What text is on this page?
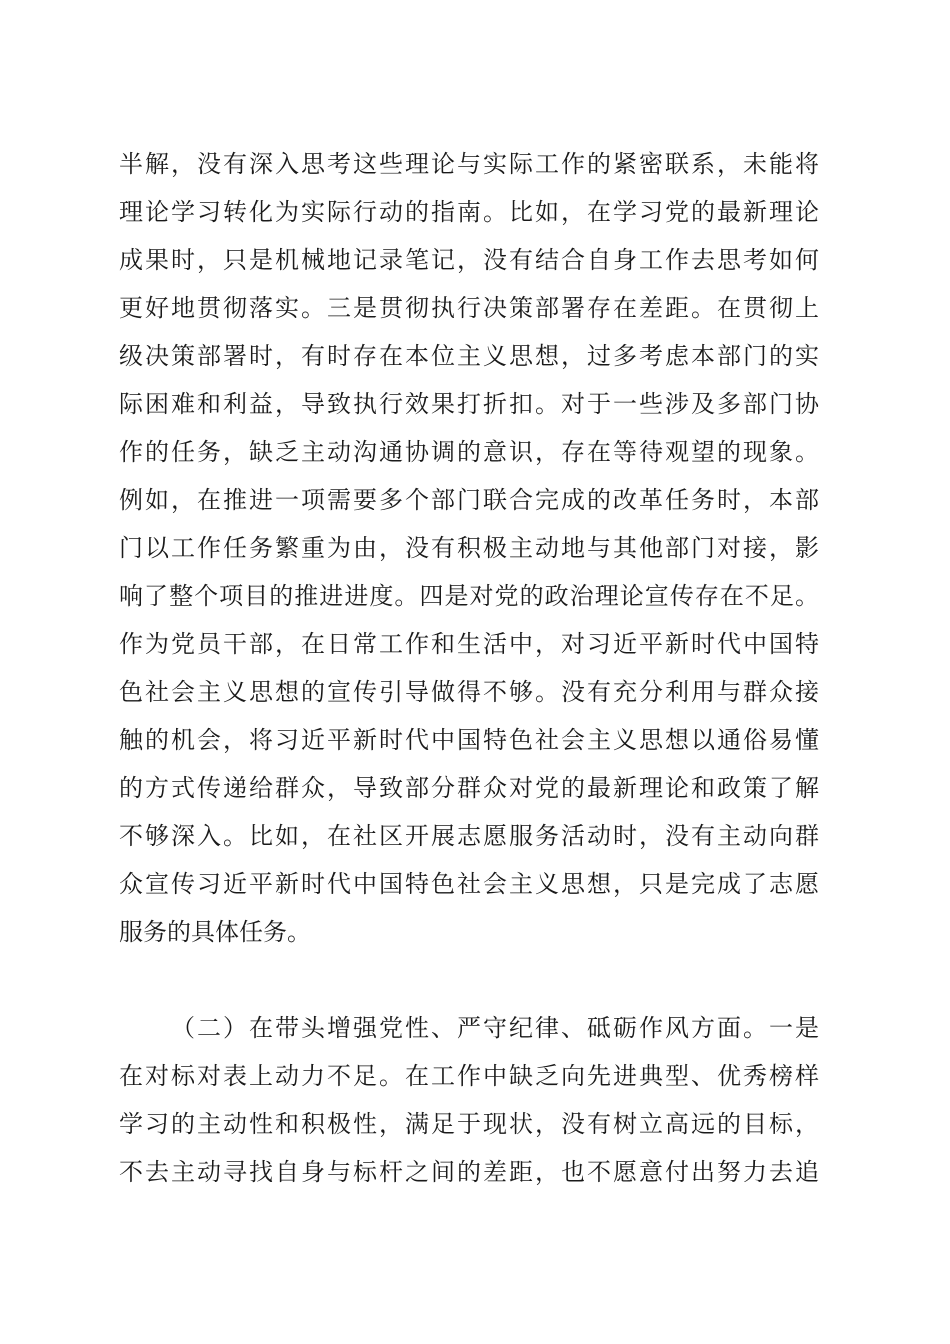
半解，没有深入思考这些理论与实际工作的紧密联系，未能将
理论学习转化为实际行动的指南。比如，在学习党的最新理论
成果时，只是机械地记录笔记，没有结合自身工作去思考如何
更好地贯彻落实。三是贯彻执行决策部署存在差距。在贯彻上
级决策部署时，有时存在本位主义思想，过多考虑本部门的实
际困难和利益，导致执行效果打折扣。对于一些涉及多部门协
作的任务，缺乏主动沟通协调的意识，存在等待观望的现象。
例如，在推进一项需要多个部门联合完成的改革任务时，本部
门以工作任务繁重为由，没有积极主动地与其他部门对接，影
响了整个项目的推进进度。四是对党的政治理论宣传存在不足。
作为党员干部，在日常工作和生活中，对习近平新时代中国特
色社会主义思想的宣传引导做得不够。没有充分利用与群众接
触的机会，将习近平新时代中国特色社会主义思想以通俗易懂
的方式传递给群众，导致部分群众对党的最新理论和政策了解
不够深入。比如，在社区开展志愿服务活动时，没有主动向群
众宣传习近平新时代中国特色社会主义思想，只是完成了志愿
服务的具体任务。
（二）在带头增强党性、严守纪律、砥砺作风方面。一是
在对标对表上动力不足。在工作中缺乏向先进典型、优秀榜样
学习的主动性和积极性，满足于现状，没有树立高远的目标，
不去主动寻找自身与标杆之间的差距，也不愿意付出努力去追
